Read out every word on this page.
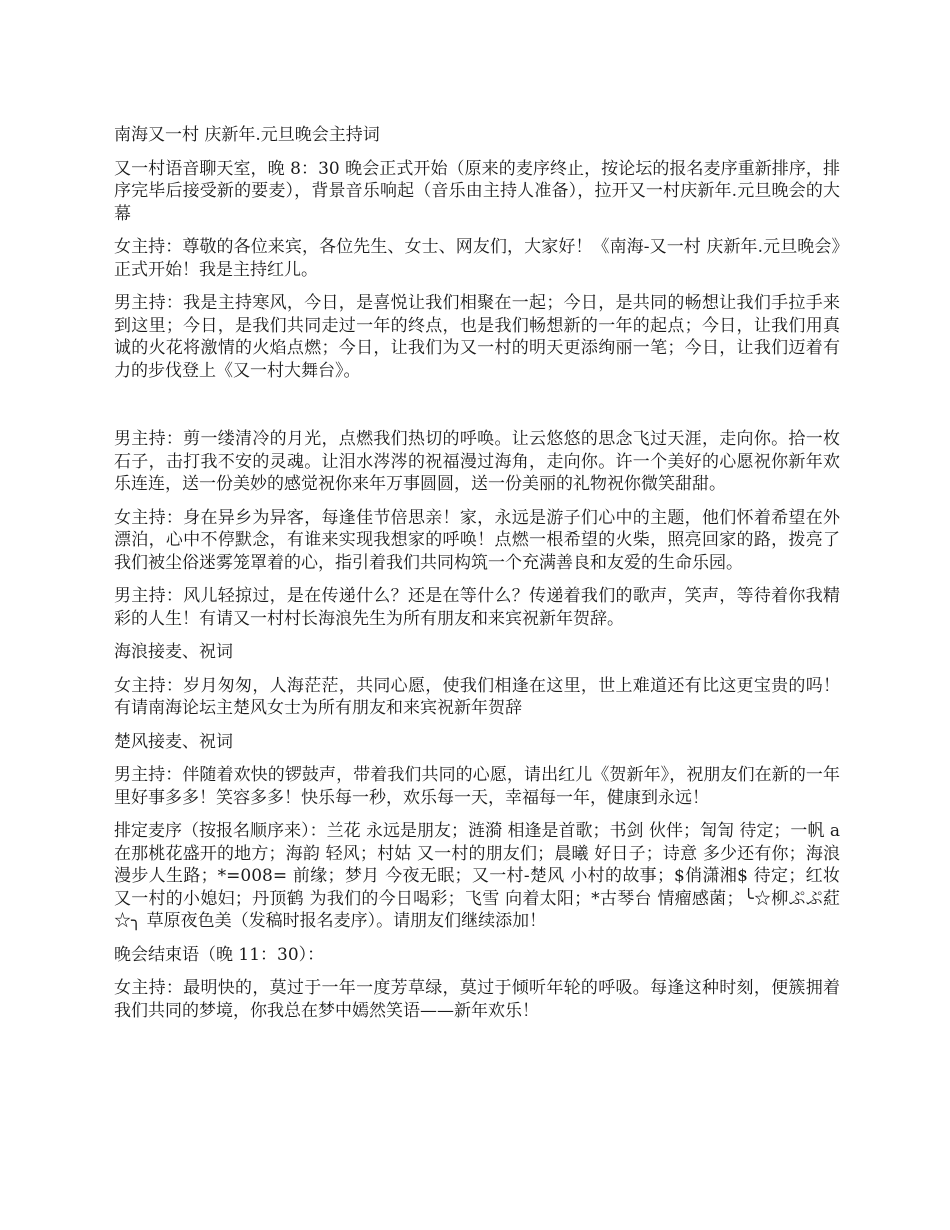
南海又一村 庆新年.元旦晚会主持词

又一村语音聊天室，晚 8：30 晚会正式开始（原来的麦序终止，按论坛的报名麦序重新排序，排序完毕后接受新的要麦），背景音乐响起（音乐由主持人准备），拉开又一村庆新年.元旦晚会的大幕

女主持：尊敬的各位来宾，各位先生、女士、网友们，大家好！《南海-又一村 庆新年.元旦晚会》正式开始！我是主持红儿。

男主持：我是主持寒风，今日，是喜悦让我们相聚在一起；今日，是共同的畅想让我们手拉手来到这里；今日，是我们共同走过一年的终点，也是我们畅想新的一年的起点；今日，让我们用真诚的火花将激情的火焰点燃；今日，让我们为又一村的明天更添绚丽一笔；今日，让我们迈着有力的步伐登上《又一村大舞台》。

男主持：剪一缕清冷的月光，点燃我们热切的呼唤。让云悠悠的思念飞过天涯，走向你。拾一枚石子，击打我不安的灵魂。让泪水涔涔的祝福漫过海角，走向你。许一个美好的心愿祝你新年欢乐连连，送一份美妙的感觉祝你来年万事圆圆，送一份美丽的礼物祝你微笑甜甜。

女主持：身在异乡为异客，每逢佳节倍思亲！家，永远是游子们心中的主题，他们怀着希望在外漂泊，心中不停默念，有谁来实现我想家的呼唤！点燃一根希望的火柴，照亮回家的路，拨亮了我们被尘俗迷雾笼罩着的心，指引着我们共同构筑一个充满善良和友爱的生命乐园。

男主持：风儿轻掠过，是在传递什么？还是在等什么？传递着我们的歌声，笑声，等待着你我精彩的人生！有请又一村村长海浪先生为所有朋友和来宾祝新年贺辞。

海浪接麦、祝词

女主持：岁月匆匆，人海茫茫，共同心愿，使我们相逢在这里，世上难道还有比这更宝贵的吗！有请南海论坛主楚风女士为所有朋友和来宾祝新年贺辞

楚风接麦、祝词

男主持：伴随着欢快的锣鼓声，带着我们共同的心愿，请出红儿《贺新年》，祝朋友们在新的一年里好事多多！笑容多多！快乐每一秒，欢乐每一天，幸福每一年，健康到永远！

排定麦序（按报名顺序来）：兰花 永远是朋友；涟漪 相逢是首歌；书剑 伙伴；訇訇 待定；一帆 a 在那桃花盛开的地方；海韵 轻风；村姑 又一村的朋友们；晨曦 好日子；诗意 多少还有你；海浪 漫步人生路；*=008= 前缘；梦月 今夜无眠；又一村-楚风 小村的故事；$俏潇湘$ 待定；红妆 又一村的小媳妇；丹顶鹤 为我们的今日喝彩；飞雪 向着太阳；*古琴台 情瘤感菌；╰☆柳ぷぷ葒☆╮ 草原夜色美（发稿时报名麦序）。请朋友们继续添加！

晚会结束语（晚 11：30）：

女主持：最明快的，莫过于一年一度芳草绿，莫过于倾听年轮的呼吸。每逢这种时刻，便簇拥着我们共同的梦境，你我总在梦中嫣然笑语——新年欢乐！
